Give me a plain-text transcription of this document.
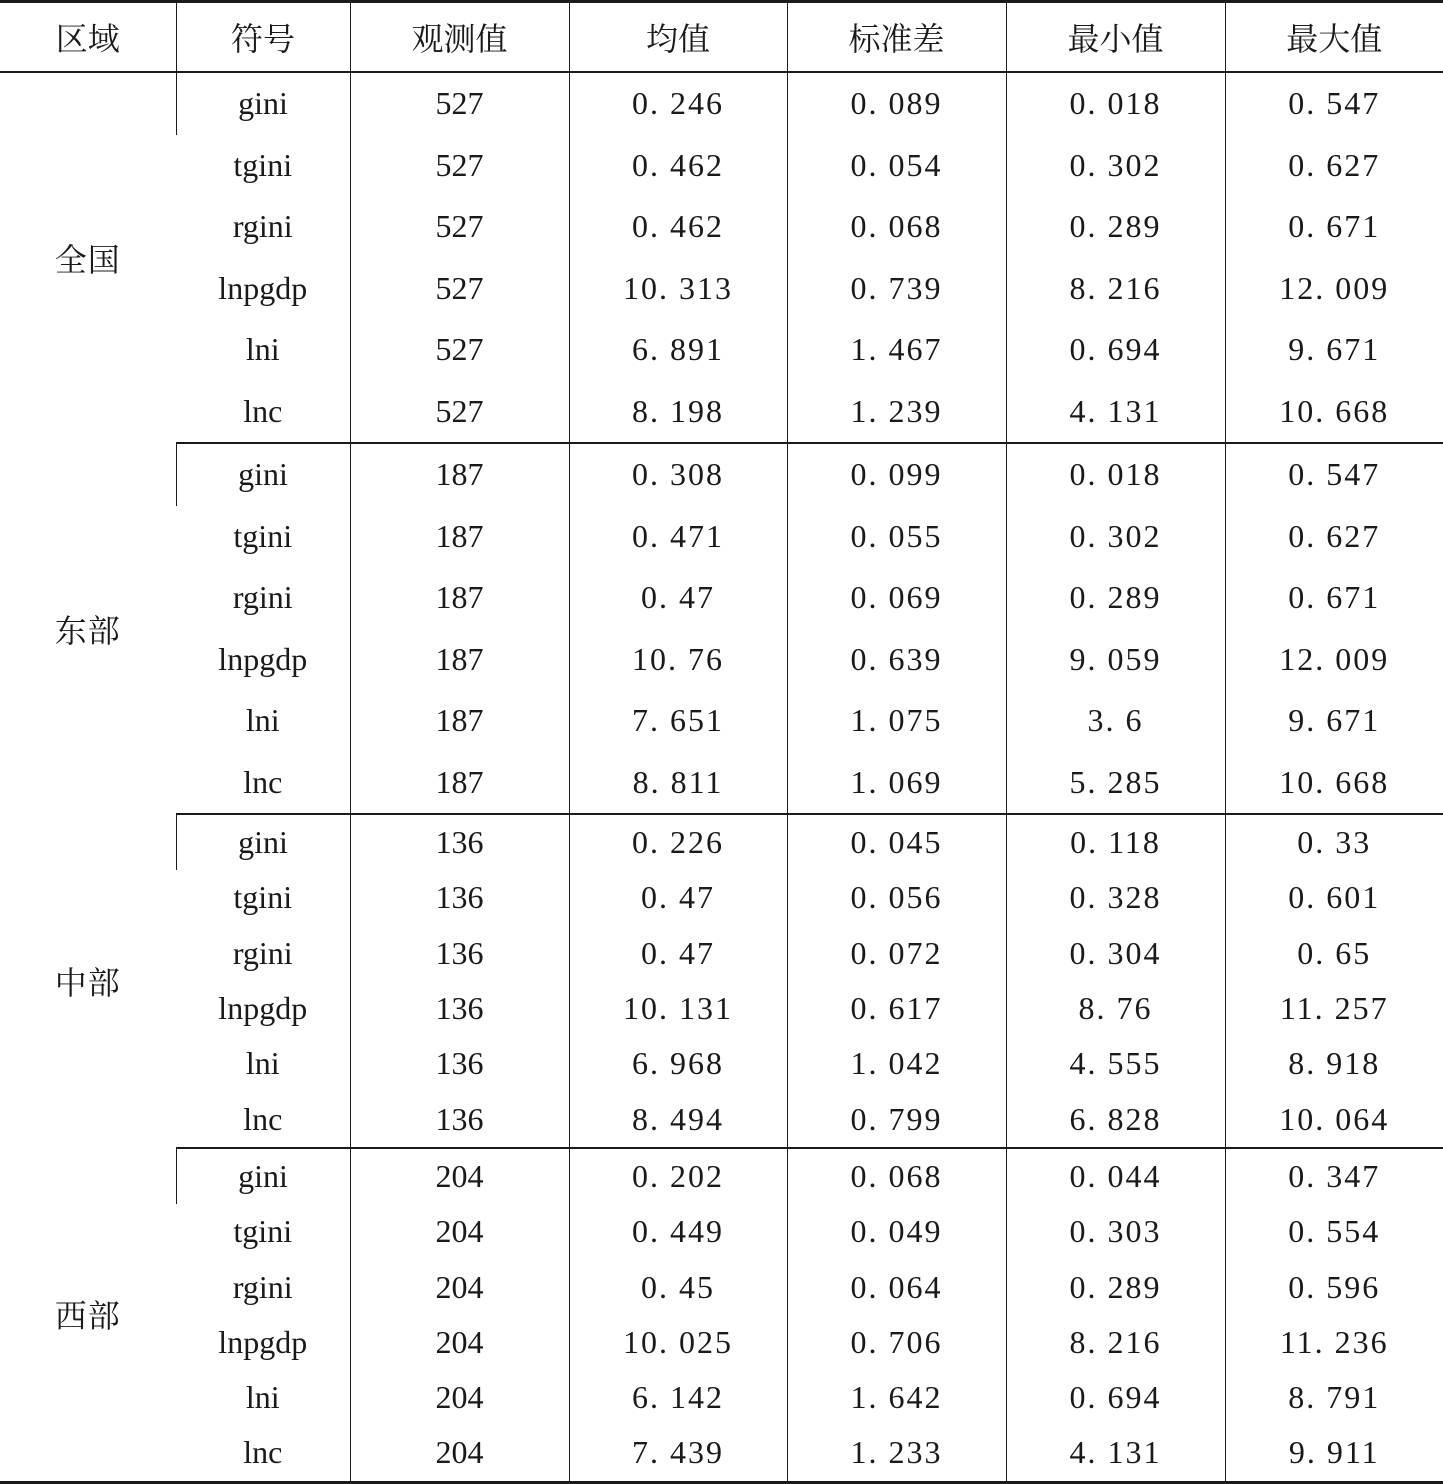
区域	符号	观测值	均值	标准差	最小值	最大值
全国	gini	527	0. 246	0. 089	0. 018	0. 547
	tgini	527	0. 462	0. 054	0. 302	0. 627
	rgini	527	0. 462	0. 068	0. 289	0. 671
	lnpgdp	527	10. 313	0. 739	8. 216	12. 009
	lni	527	6. 891	1. 467	0. 694	9. 671
	lnc	527	8. 198	1. 239	4. 131	10. 668
东部	gini	187	0. 308	0. 099	0. 018	0. 547
	tgini	187	0. 471	0. 055	0. 302	0. 627
	rgini	187	0. 47	0. 069	0. 289	0. 671
	lnpgdp	187	10. 76	0. 639	9. 059	12. 009
	lni	187	7. 651	1. 075	3. 6	9. 671
	lnc	187	8. 811	1. 069	5. 285	10. 668
中部	gini	136	0. 226	0. 045	0. 118	0. 33
	tgini	136	0. 47	0. 056	0. 328	0. 601
	rgini	136	0. 47	0. 072	0. 304	0. 65
	lnpgdp	136	10. 131	0. 617	8. 76	11. 257
	lni	136	6. 968	1. 042	4. 555	8. 918
	lnc	136	8. 494	0. 799	6. 828	10. 064
西部	gini	204	0. 202	0. 068	0. 044	0. 347
	tgini	204	0. 449	0. 049	0. 303	0. 554
	rgini	204	0. 45	0. 064	0. 289	0. 596
	lnpgdp	204	10. 025	0. 706	8. 216	11. 236
	lni	204	6. 142	1. 642	0. 694	8. 791
	lnc	204	7. 439	1. 233	4. 131	9. 911
